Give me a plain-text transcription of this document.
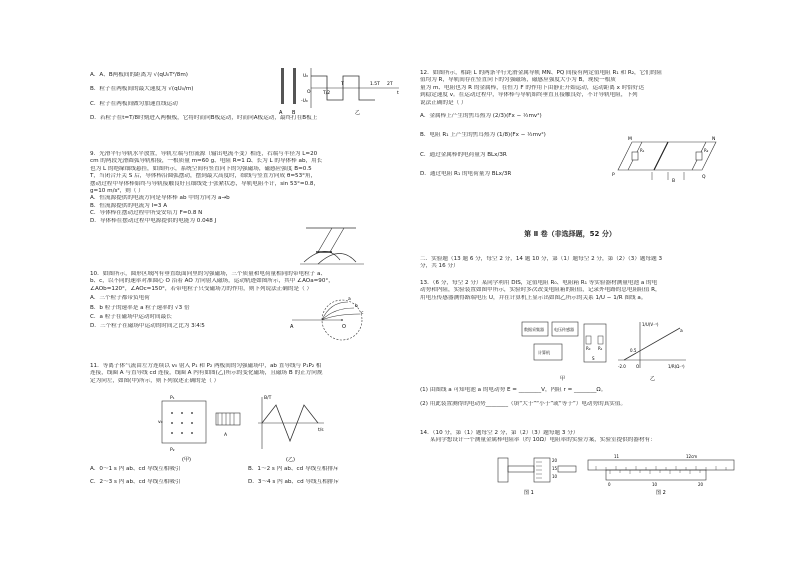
A．A、B两板间的距离为 √(qU₀T²/8m)
B．粒子在两板间的最大速度为 √(qU₀/m)
C．粒子在两板间做匀加速直线运动
D．若粒子在t=T/8时刻进入两极板，它将时而向B板运动，时而向A板运动，最终打在B板上
9．光滑平行导轨水平放置，导轨左端与恒流源（输出电流不变）相连，右端与半径为 L=20
cm 的两段光滑圆弧导轨相接，一根质量 m=60 g、电阻 R=1 Ω、长为 L 的导体棒 ab，用长
也为 L 的绝缘细线悬挂，如图所示，系统空间有竖直向下的匀强磁场，磁感应强度 B=0.5
T，当闭合开关 S 后，导体棒沿圆弧摆动，摆到最大高度时，细线与竖直方向成 θ=53°角，
摆动过程中导体棒始终与导轨接触良好且细线处于张紧状态，导轨电阻不计，sin 53°=0.8，
g=10 m/s²，则（ ）
A．恒流源提供的电流方向是导体棒 ab 中的方向为 a→b
B．恒流源提供的电流为 I=3 A
C．导体棒在摆动过程中所受安培力 F=0.8 N
D．导体棒在摆动过程中电源提供的电能为 0.048 J
10．如图所示，圆形区域内有垂直纸面向里的匀强磁场，三个质量和电荷量相同的带电粒子 a、
b、c，以不同的速率对准圆心 O 沿着 AO 方向射入磁场，运动轨迹如图所示，其中 ∠AOa=90°，
∠AOb=120°，∠AOc=150°，若带电粒子只受磁场力的作用，则下列说法正确的是（ ）
A．三个粒子都带负电荷
B．b 粒子的速率是 a 粒子速率的 √3 倍
C．a 粒子在磁场中运动时间最长
D．三个粒子在磁场中运动的时间之比为 3∶4∶5
11．等离子体气流由左方连续以 v₀ 射入 P₁ 和 P₂ 两板间的匀强磁场中，ab 直导线与 P₁P₂ 相
连接，线圈 A 与直导线 cd 连接，线圈 A 内有如图(乙)所示的变化磁场，且磁场 B 的正方向规
定为向左，如图(甲)所示，则下列叙述正确的是（ ）
A．0～1 s 内 ab、cd 导线互相吸引	B．1～2 s 内 ab、cd 导线互相排斥
C．2～3 s 内 ab、cd 导线互相吸引	D．3～4 s 内 ab、cd 导线互相排斥
A B
U₀
-U₀
O	T/2
T	1.5T 2T
t
乙
A	O
a
b
c
A
v₀
P₁
P₂
(甲)
B/T
t/s
(乙)
12．如图所示，相距 L 的两条平行光滑金属导轨 MN、PQ 间接有两定值电阻 R₁ 和 R₂，它们的阻
值均为 R，导轨间存在竖直向下的匀强磁场，磁感应强度大小为 B，现使一根质
量为 m、电阻也为 R 的金属棒，在恒力 F 的作用下由静止开始运动，运动距离 x 时恰好达
到稳定速度 v。在运动过程中，导体棒与导轨始终垂直且接触良好，不计导轨电阻，下列
说法正确的是（ ）
A．金属棒上产生的焦耳热为 (2/3)(Fx − ½mv²)
B．电阻 R₁ 上产生的焦耳热为 (1/8)(Fx − ½mv²)
C．通过金属棒的电荷量为 BLx/3R
D．通过电阻 R₁ 的电荷量为 BLx/3R
第 Ⅱ 卷（非选择题，52 分）
二．实验题（13 题 6 分，每空 2 分，14 题 10 分，第（1）题每空 2 分，第（2）（3）题每题 3
分，共 16 分）
13．（6 分，每空 2 分）某同学利用 DIS，定值电阻 R₀、电阻箱 R₁ 等实验器材测量电池 a 的电
动势和内阻，实验装置如图甲所示，实验时多次改变电阻箱的阻值，记录外电路的总电阻阻值 R，
用电压传感器测得路端电压 U，并在计算机上显示出如图乙所示的关系 1/U − 1/R 图线 a。
(1) 由图线 a 可知电池 a 的电动势 E = ________V，内阻 r = ________Ω。
(2) 用此装置测得的电动势________（填“大于”“小于”或“等于”）电动势的真实值。
14．（10 分，第（1）题每空 2 分，第（2）（3）题每题 3 分）
某同学想设计一个测量金属棒电阻率（约 10Ω）电阻率的实验方案，实验室提供的器材有：
M	N
P	Q
R₁	R₂
B
数据采集器	电压传感器
计算机
R₀ R₁
S
甲
1/U(V⁻¹)
1/R(Ω⁻¹)
a
0.5
-2.0	O
乙
20
15
10
图 1
11	12cm
0	10	20
图 2
